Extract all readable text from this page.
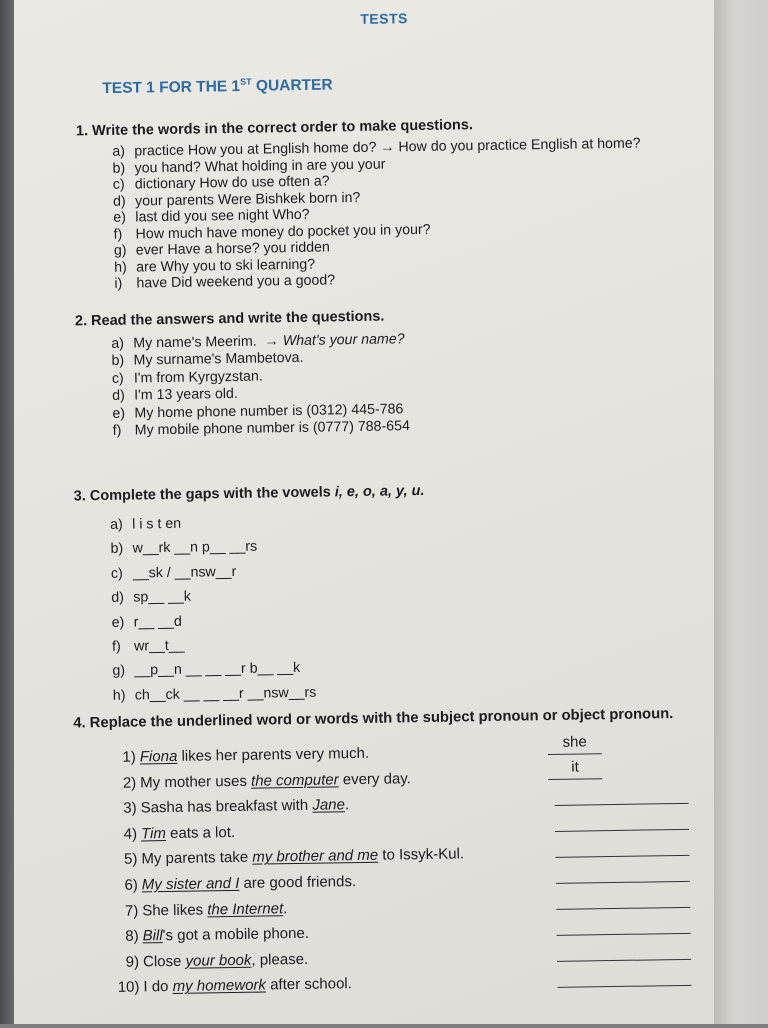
TESTS
TEST 1 FOR THE 1ST QUARTER
1. Write the words in the correct order to make questions.
a) practice How you at English home do? → How do you practice English at home?
b) you hand? What holding in are you your
c) dictionary How do use often a?
d) your parents Were Bishkek born in?
e) last did you see night Who?
f) How much have money do pocket you in your?
g) ever Have a horse? you ridden
h) are Why you to ski learning?
i) have Did weekend you a good?
2. Read the answers and write the questions.
a) My name's Meerim. → What's your name?
b) My surname's Mambetova.
c) I'm from Kyrgyzstan.
d) I'm 13 years old.
e) My home phone number is (0312) 445-786
f) My mobile phone number is (0777) 788-654
3. Complete the gaps with the vowels i, e, o, a, y, u.
a) l i s t en
b) w__rk __n p__ __rs
c) __sk / __nsw__r
d) sp__ __k
e) r__ __d
f) wr__t__
g) __p__n __ __ __r b__ __k
h) ch__ck __ __ __r __nsw__rs
4. Replace the underlined word or words with the subject pronoun or object pronoun.
1) Fiona likes her parents very much.
2) My mother uses the computer every day.
3) Sasha has breakfast with Jane.
4) Tim eats a lot.
5) My parents take my brother and me to Issyk-Kul.
6) My sister and I are good friends.
7) She likes the Internet.
8) Bill's got a mobile phone.
9) Close your book, please.
10) I do my homework after school.
she
it
